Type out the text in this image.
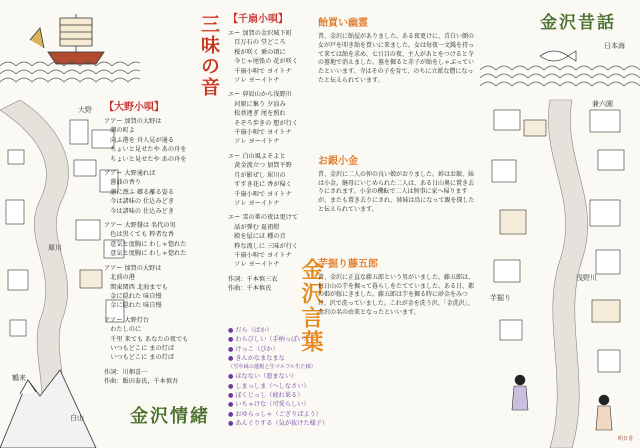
白山
犀川
鶴来
大野
兼六園
浅野川
芋掘り
日本海
明日香
三味の音
金沢言葉
金沢情緒
金沢昔話
【大野小唄】
アアー 加賀の大野は
　潮の町よ
　向ふ港を 舟人見が通る
　ちょいと見せたや あの舟を
　ちょいと見せたや あの舟を
アアー 大野通れば
　醤油の香り
　潮に漂ふ 郷る離る姿る
　今は諸味の 仕込みどき
　今は諸味の 仕込みどき
アアー 大野醤は 名代の男
　色は黒くても 粋者な香
　意気と度胸に わしゃ惚れた
　意気と度胸に わしゃ惚れた
アアー 加賀の大野は
　北前の港
　関東関西 北海までも
　金に隠れた 味自慢
　金に隠れた 味自慢
アアー 大野灯台
　わたしのに
　千里 来ても あなたの夜でも
　いつもどこに まの灯ば
　いつもどこに まの灯ば
作詞：川畑喜一
作曲：飯田泰氏，千本慎吾
【千扇小唄】
エー 加賀の金沢城下町
　百万石の 堂どころ
　桜が咲く 乗の頃に
　今じゃ尾張の 花が咲く
　千扇小唄で ヨイトナ
　ソレ ヨーイトナ
エー 卯辰山から浅野川
　河原に集う 夕涼み
　松並連ぎ 尾を照れ
　そぞろ歩きの 想が行く
　千扇小唄で ヨイトナ
　ソレ ヨーイトナ
エー 白山風よそよと
　黄金流立つ 加賀平野
　月が影ぜし 犀川の
　すすき花に 香が帰く
　千扇小唄で ヨイトナ
　ソレ ヨーイトナ
エー 雪の峯の夜は更けて
　話が弾む 夏祖燈
　殿を屋にほ 種の音
　粋な流しに 三味が行く
　千扇小唄で ヨイトナ
　ソレ ヨーイトナ
作詞：千本慎三衣
作曲：千本慎氏
● だら（ばか）
● わらびしい（手柄っぽい）
● けっこ（ぴか）
● きんかなまなまな
（雪中縁の蓮根と生マルフル生た様）
● ほなない（悪まない）
● しまっしま（へしなさい）
● ぼくじっし（疲れ果る）
● いちゃけな（可愛らしい）
● おゆらっしゃ（ござりばよう）
● あんぐりする（気が抜けた様子）
飴買い幽霊
昔、金沢に飴屋がありました。ある夜更けに、青白い顔の女が戸を叩き飴を買いに来ました。女は毎夜一文銭を持って来ては飴を求め、七日目の夜、主人があとをつけると寺の墓地で消えました。墓を掘ると赤子が飴をしゃぶっていたといいます。寺はその子を育て、のちに立派な僧になったと伝えられています。
お銀小金
昔、金沢に二人の仲の良い娘がおりました。姉はお銀、妹は小金。継母にいじめられた二人は、ある日山奥に置き去りにされます。小金の機転で二人は無事に家へ帰りますが、またも置き去りにされ、姉妹は鳥になって親を探したと伝えられています。
芋掘り藤五郎
昔、金沢に正直な藤五郎という男がいました。藤五郎は、毎日山の芋を掘って暮らしをたてていました。ある日、都の姫が嫁にきました。藤五郎は芋を掘る時に砂金をみつけ、沢で洗っていました。これが金を洗う沢、「金洗沢」、金沢の名の由来となったといいます。
